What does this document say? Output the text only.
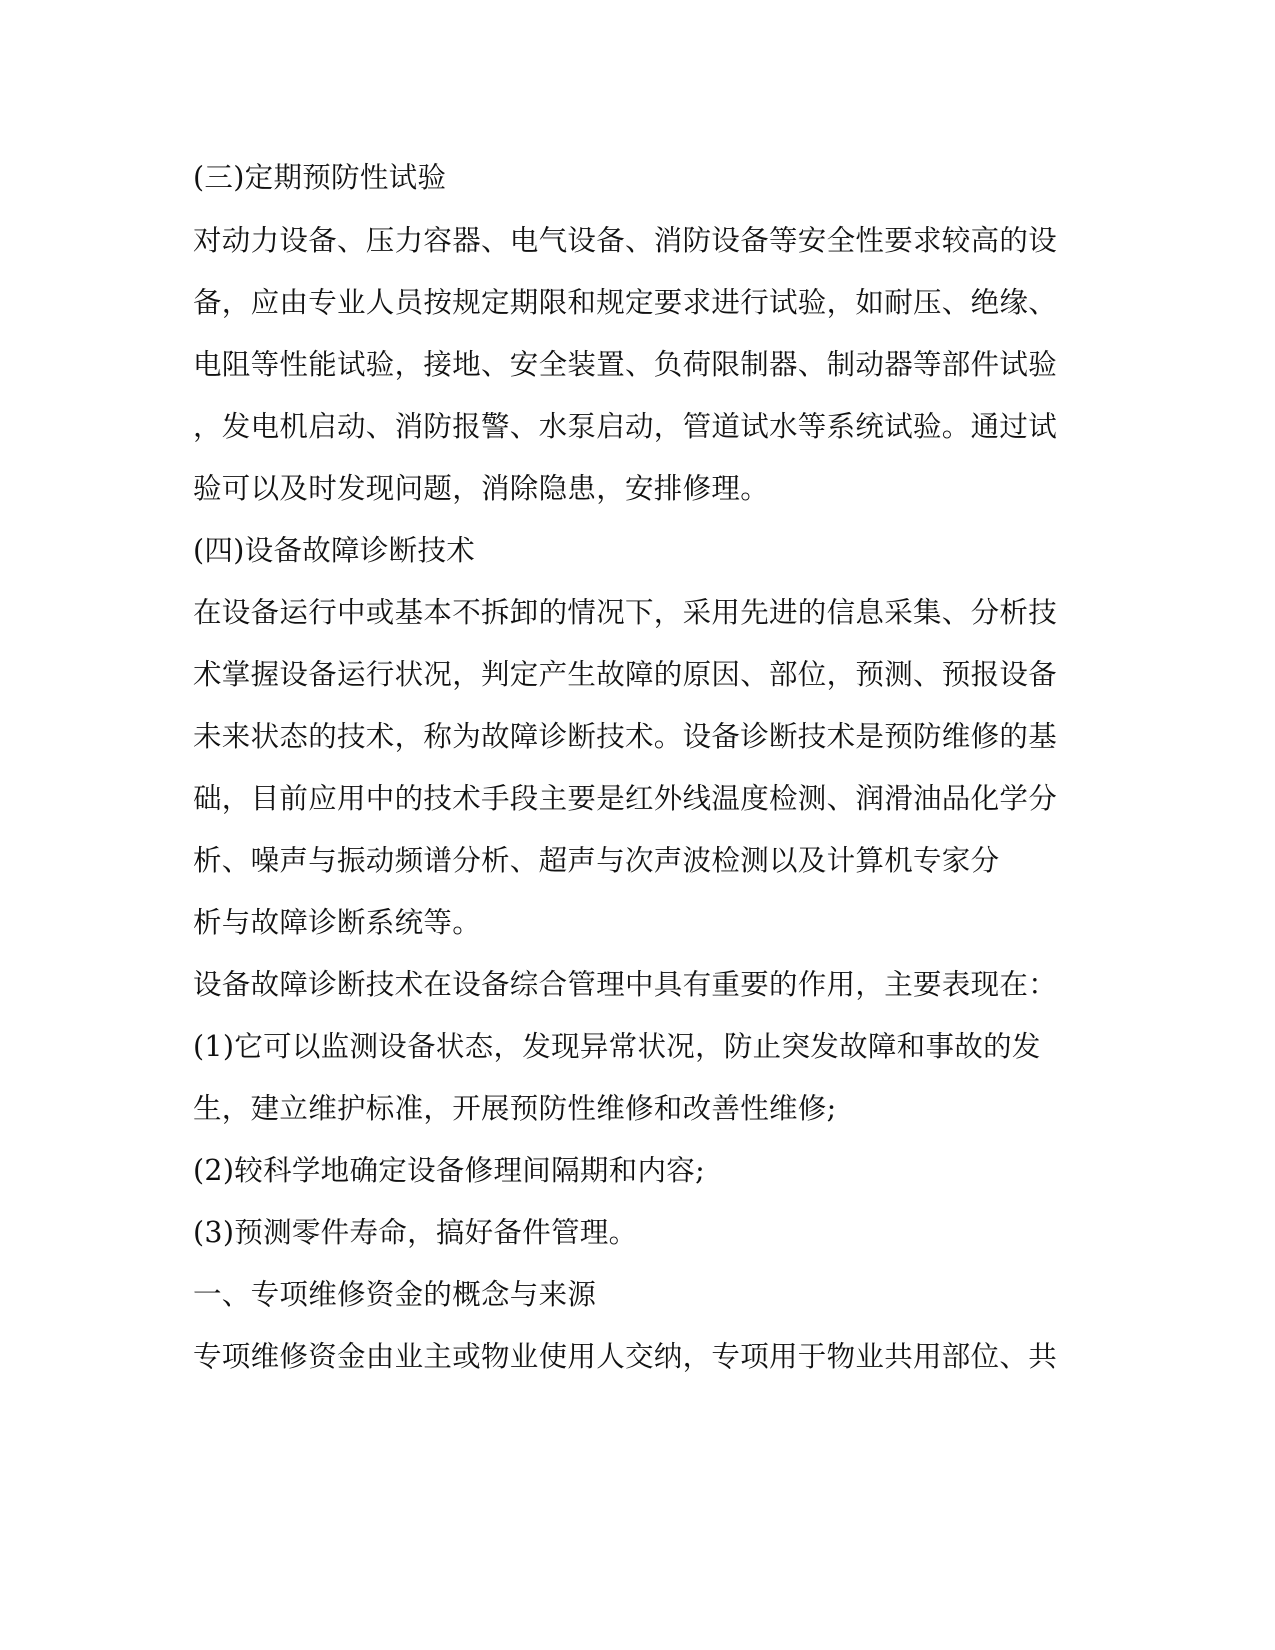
(三)定期预防性试验
对动力设备、压力容器、电气设备、消防设备等安全性要求较高的设
备，应由专业人员按规定期限和规定要求进行试验，如耐压、绝缘、
电阻等性能试验，接地、安全装置、负荷限制器、制动器等部件试验
，发电机启动、消防报警、水泵启动，管道试水等系统试验。通过试
验可以及时发现问题，消除隐患，安排修理。
(四)设备故障诊断技术
在设备运行中或基本不拆卸的情况下，采用先进的信息采集、分析技
术掌握设备运行状况，判定产生故障的原因、部位，预测、预报设备
未来状态的技术，称为故障诊断技术。设备诊断技术是预防维修的基
础，目前应用中的技术手段主要是红外线温度检测、润滑油品化学分
析、噪声与振动频谱分析、超声与次声波检测以及计算机专家分
析与故障诊断系统等。
设备故障诊断技术在设备综合管理中具有重要的作用，主要表现在：
(1)它可以监测设备状态，发现异常状况，防止突发故障和事故的发
生，建立维护标准，开展预防性维修和改善性维修;
(2)较科学地确定设备修理间隔期和内容;
(3)预测零件寿命，搞好备件管理。
一、专项维修资金的概念与来源
专项维修资金由业主或物业使用人交纳，专项用于物业共用部位、共
